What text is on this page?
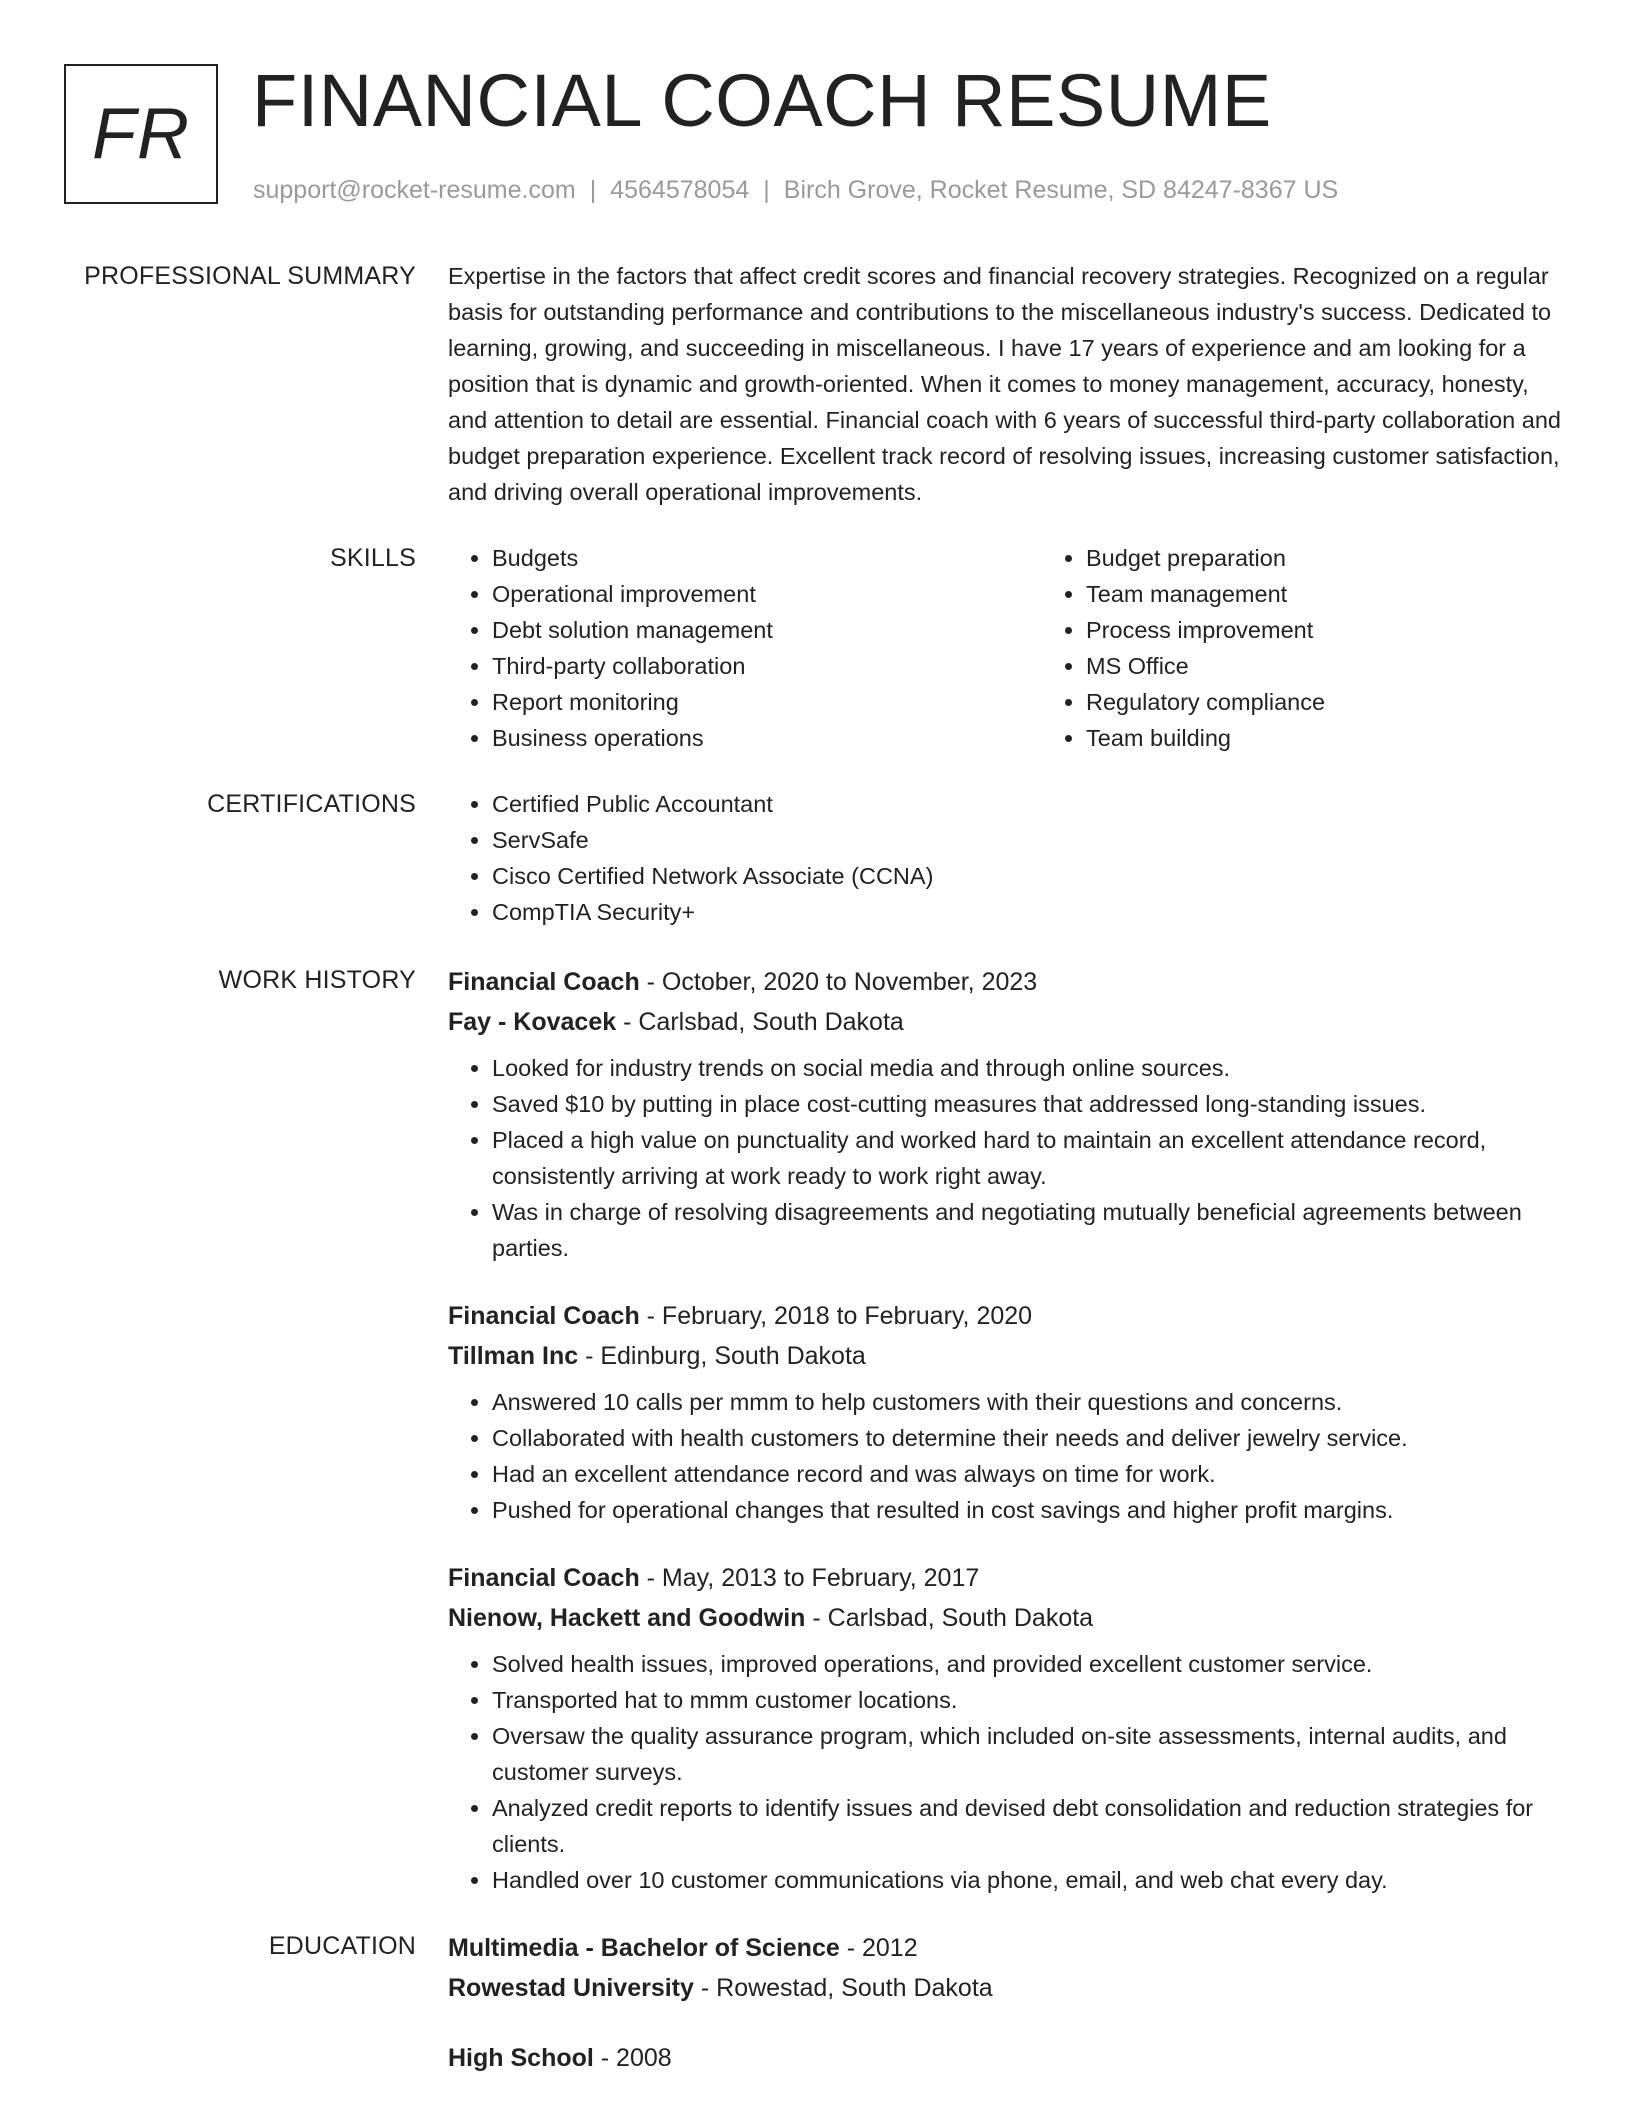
FR FINANCIAL COACH RESUME
support@rocket-resume.com | 4564578054 | Birch Grove, Rocket Resume, SD 84247-8367 US
PROFESSIONAL SUMMARY Expertise in the factors that affect credit scores and financial recovery strategies. Recognized on a regular basis for outstanding performance and contributions to the miscellaneous industry's success. Dedicated to learning, growing, and succeeding in miscellaneous. I have 17 years of experience and am looking for a position that is dynamic and growth-oriented. When it comes to money management, accuracy, honesty, and attention to detail are essential. Financial coach with 6 years of successful third-party collaboration and budget preparation experience. Excellent track record of resolving issues, increasing customer satisfaction, and driving overall operational improvements.
SKILLS	• Budgets
• Operational improvement
• Debt solution management
• Third-party collaboration
• Report monitoring
• Business operations
• Budget preparation
• Team management
• Process improvement
• MS Office
• Regulatory compliance
• Team building
CERTIFICATIONS	• Certified Public Accountant
• ServSafe
• Cisco Certified Network Associate (CCNA)
• CompTIA Security+
WORK HISTORY Financial Coach - October, 2020 to November, 2023
Fay - Kovacek - Carlsbad, South Dakota
• Looked for industry trends on social media and through online sources.
• Saved $10 by putting in place cost-cutting measures that addressed long-standing issues.
• Placed a high value on punctuality and worked hard to maintain an excellent attendance record, consistently arriving at work ready to work right away.
• Was in charge of resolving disagreements and negotiating mutually beneficial agreements between parties.
Financial Coach - February, 2018 to February, 2020
Tillman Inc - Edinburg, South Dakota
• Answered 10 calls per mmm to help customers with their questions and concerns.
• Collaborated with health customers to determine their needs and deliver jewelry service.
• Had an excellent attendance record and was always on time for work.
• Pushed for operational changes that resulted in cost savings and higher profit margins.
Financial Coach - May, 2013 to February, 2017
Nienow, Hackett and Goodwin - Carlsbad, South Dakota
• Solved health issues, improved operations, and provided excellent customer service.
• Transported hat to mmm customer locations.
• Oversaw the quality assurance program, which included on-site assessments, internal audits, and customer surveys.
• Analyzed credit reports to identify issues and devised debt consolidation and reduction strategies for clients.
• Handled over 10 customer communications via phone, email, and web chat every day.
EDUCATION Multimedia - Bachelor of Science - 2012
Rowestad University - Rowestad, South Dakota
High School - 2008
